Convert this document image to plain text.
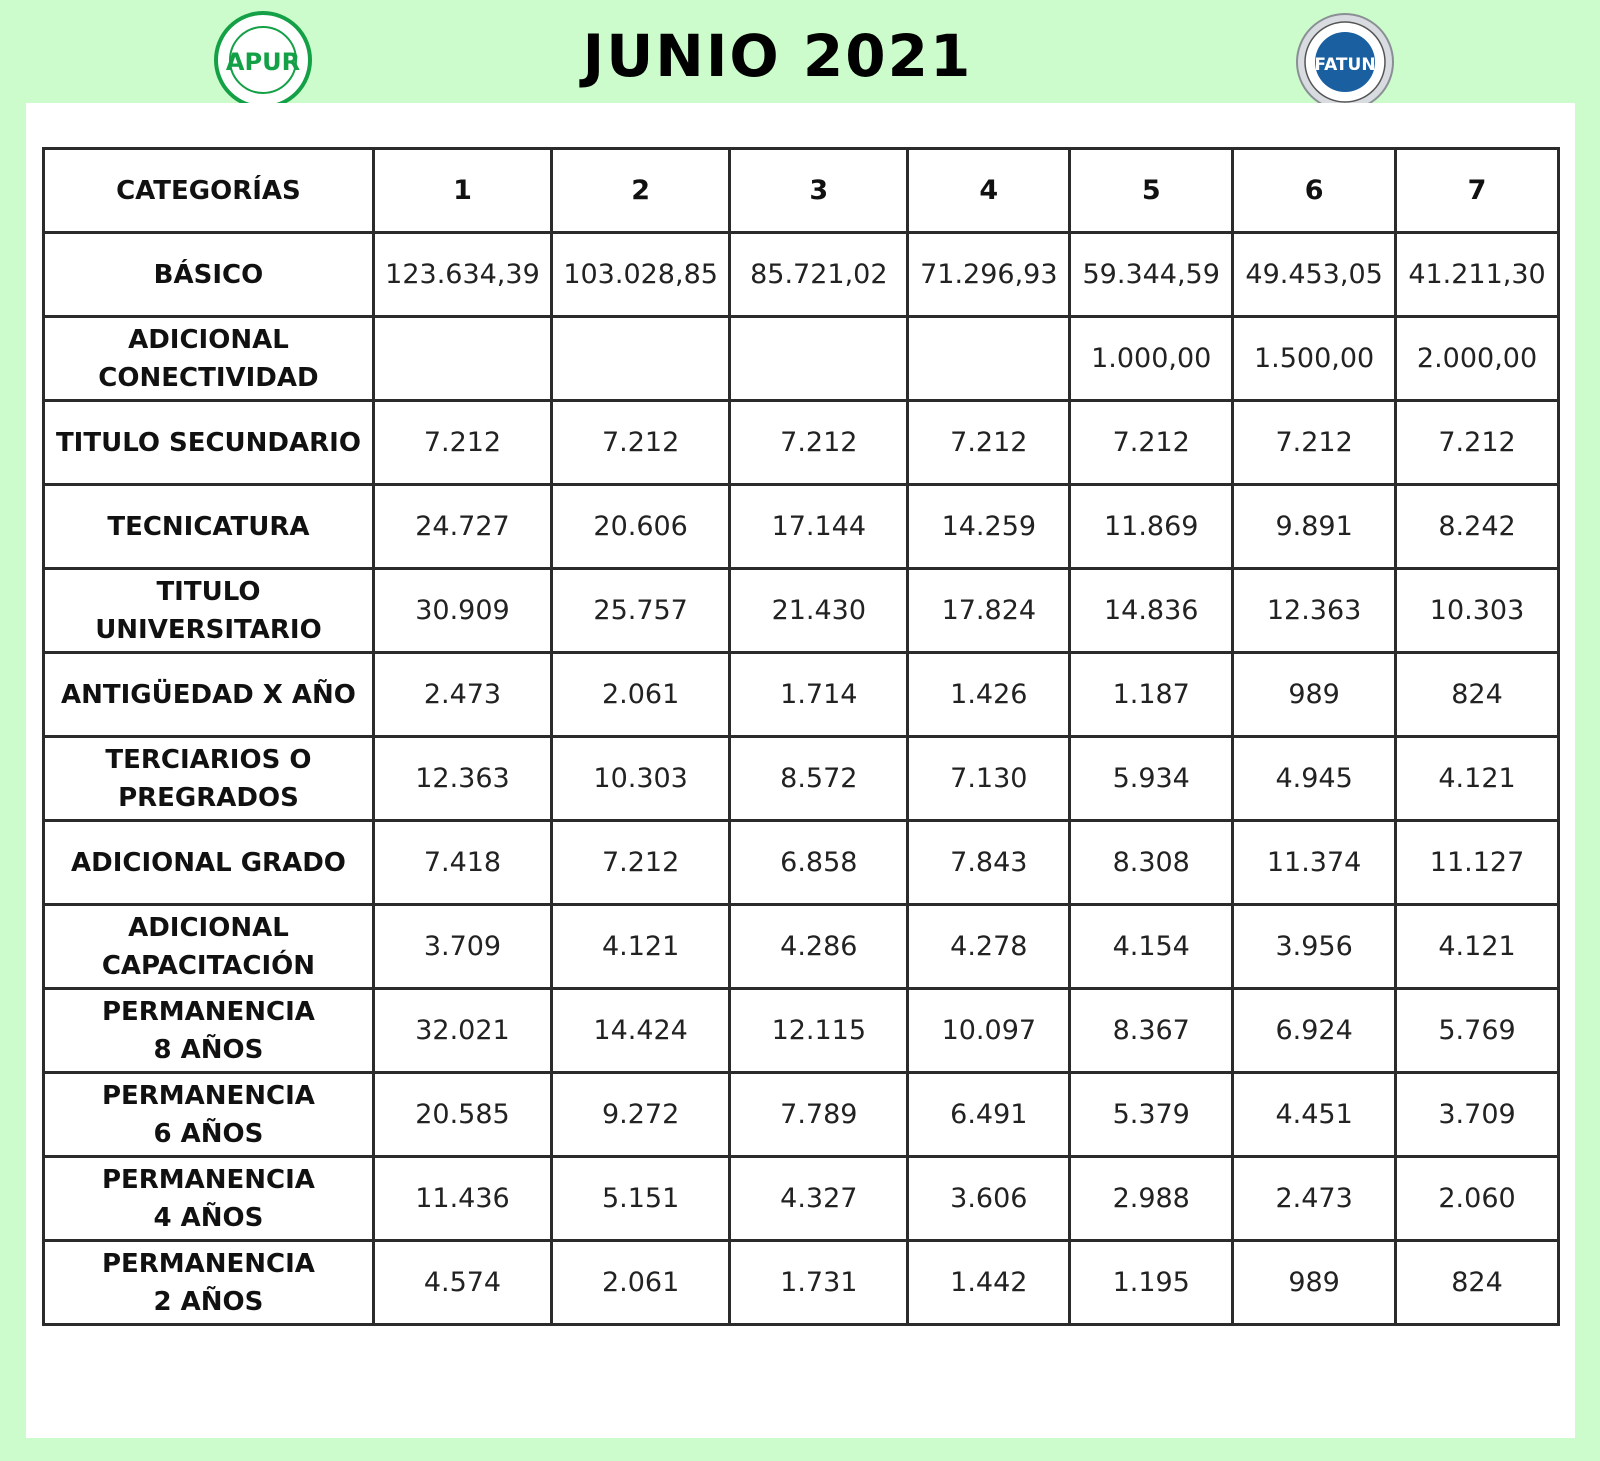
JUNIO 2021
APUR	FATUN
CATEGORÍAS	1	2	3	4	5	6	7
BÁSICO	123.634,39	103.028,85	85.721,02	71.296,93	59.344,59	49.453,05	41.211,30
ADICIONAL
CONECTIVIDAD					1.000,00	1.500,00	2.000,00
TITULO SECUNDARIO	7.212	7.212	7.212	7.212	7.212	7.212	7.212
TECNICATURA	24.727	20.606	17.144	14.259	11.869	9.891	8.242
TITULO
UNIVERSITARIO	30.909	25.757	21.430	17.824	14.836	12.363	10.303
ANTIGÜEDAD X AÑO	2.473	2.061	1.714	1.426	1.187	989	824
TERCIARIOS O
PREGRADOS	12.363	10.303	8.572	7.130	5.934	4.945	4.121
ADICIONAL GRADO	7.418	7.212	6.858	7.843	8.308	11.374	11.127
ADICIONAL
CAPACITACIÓN	3.709	4.121	4.286	4.278	4.154	3.956	4.121
PERMANENCIA
8 AÑOS	32.021	14.424	12.115	10.097	8.367	6.924	5.769
PERMANENCIA
6 AÑOS	20.585	9.272	7.789	6.491	5.379	4.451	3.709
PERMANENCIA
4 AÑOS	11.436	5.151	4.327	3.606	2.988	2.473	2.060
PERMANENCIA
2 AÑOS	4.574	2.061	1.731	1.442	1.195	989	824
